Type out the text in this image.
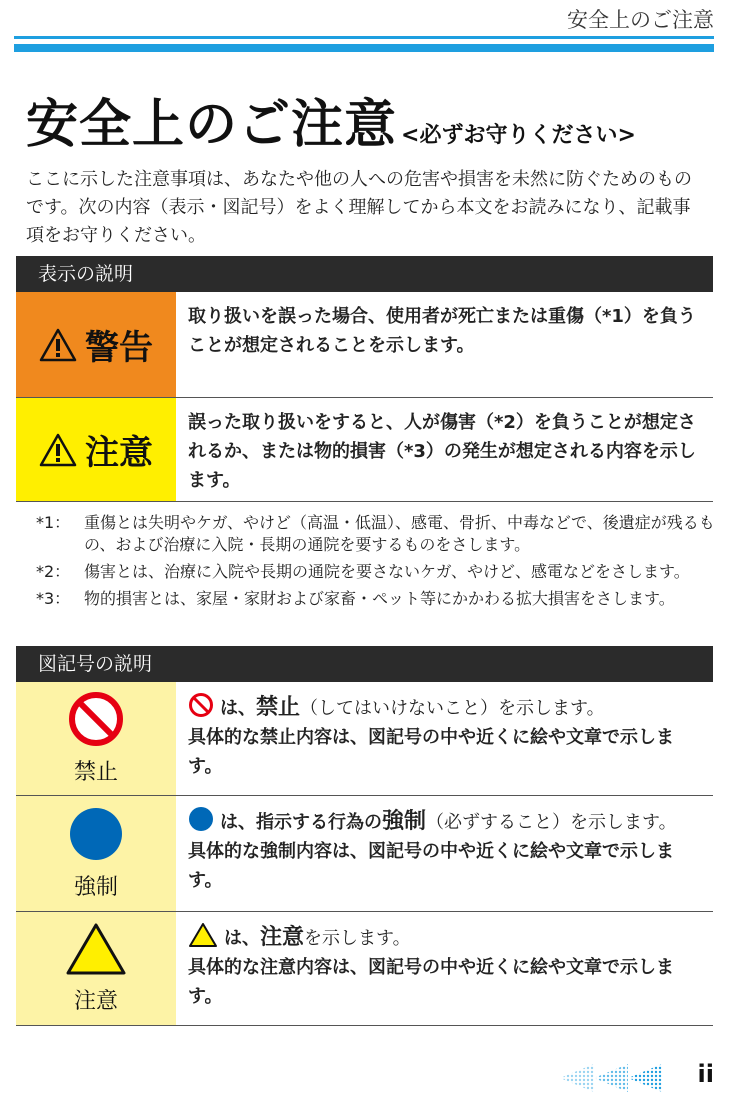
安全上のご注意
安全上のご注意 <必ずお守りください>
ここに示した注意事項は、あなたや他の人への危害や損害を未然に防ぐためのものです。次の内容（表示・図記号）をよく理解してから本文をお読みになり、記載事項をお守りください。
表示の説明
警告
取り扱いを誤った場合、使用者が死亡または重傷（*1）を負うことが想定されることを示します。
注意
誤った取り扱いをすると、人が傷害（*2）を負うことが想定されるか、または物的損害（*3）の発生が想定される内容を示します。
*1： 重傷とは失明やケガ、やけど（高温・低温）、感電、骨折、中毒などで、後遺症が残るもの、および治療に入院・長期の通院を要するものをさします。
*2： 傷害とは、治療に入院や長期の通院を要さないケガ、やけど、感電などをさします。
*3： 物的損害とは、家屋・家財および家畜・ペット等にかかわる拡大損害をさします。
図記号の説明
禁止
は、禁止（してはいけないこと）を示します。
具体的な禁止内容は、図記号の中や近くに絵や文章で示します。
強制
は、指示する行為の強制（必ずすること）を示します。
具体的な強制内容は、図記号の中や近くに絵や文章で示します。
注意
は、注意を示します。
具体的な注意内容は、図記号の中や近くに絵や文章で示します。
ii
